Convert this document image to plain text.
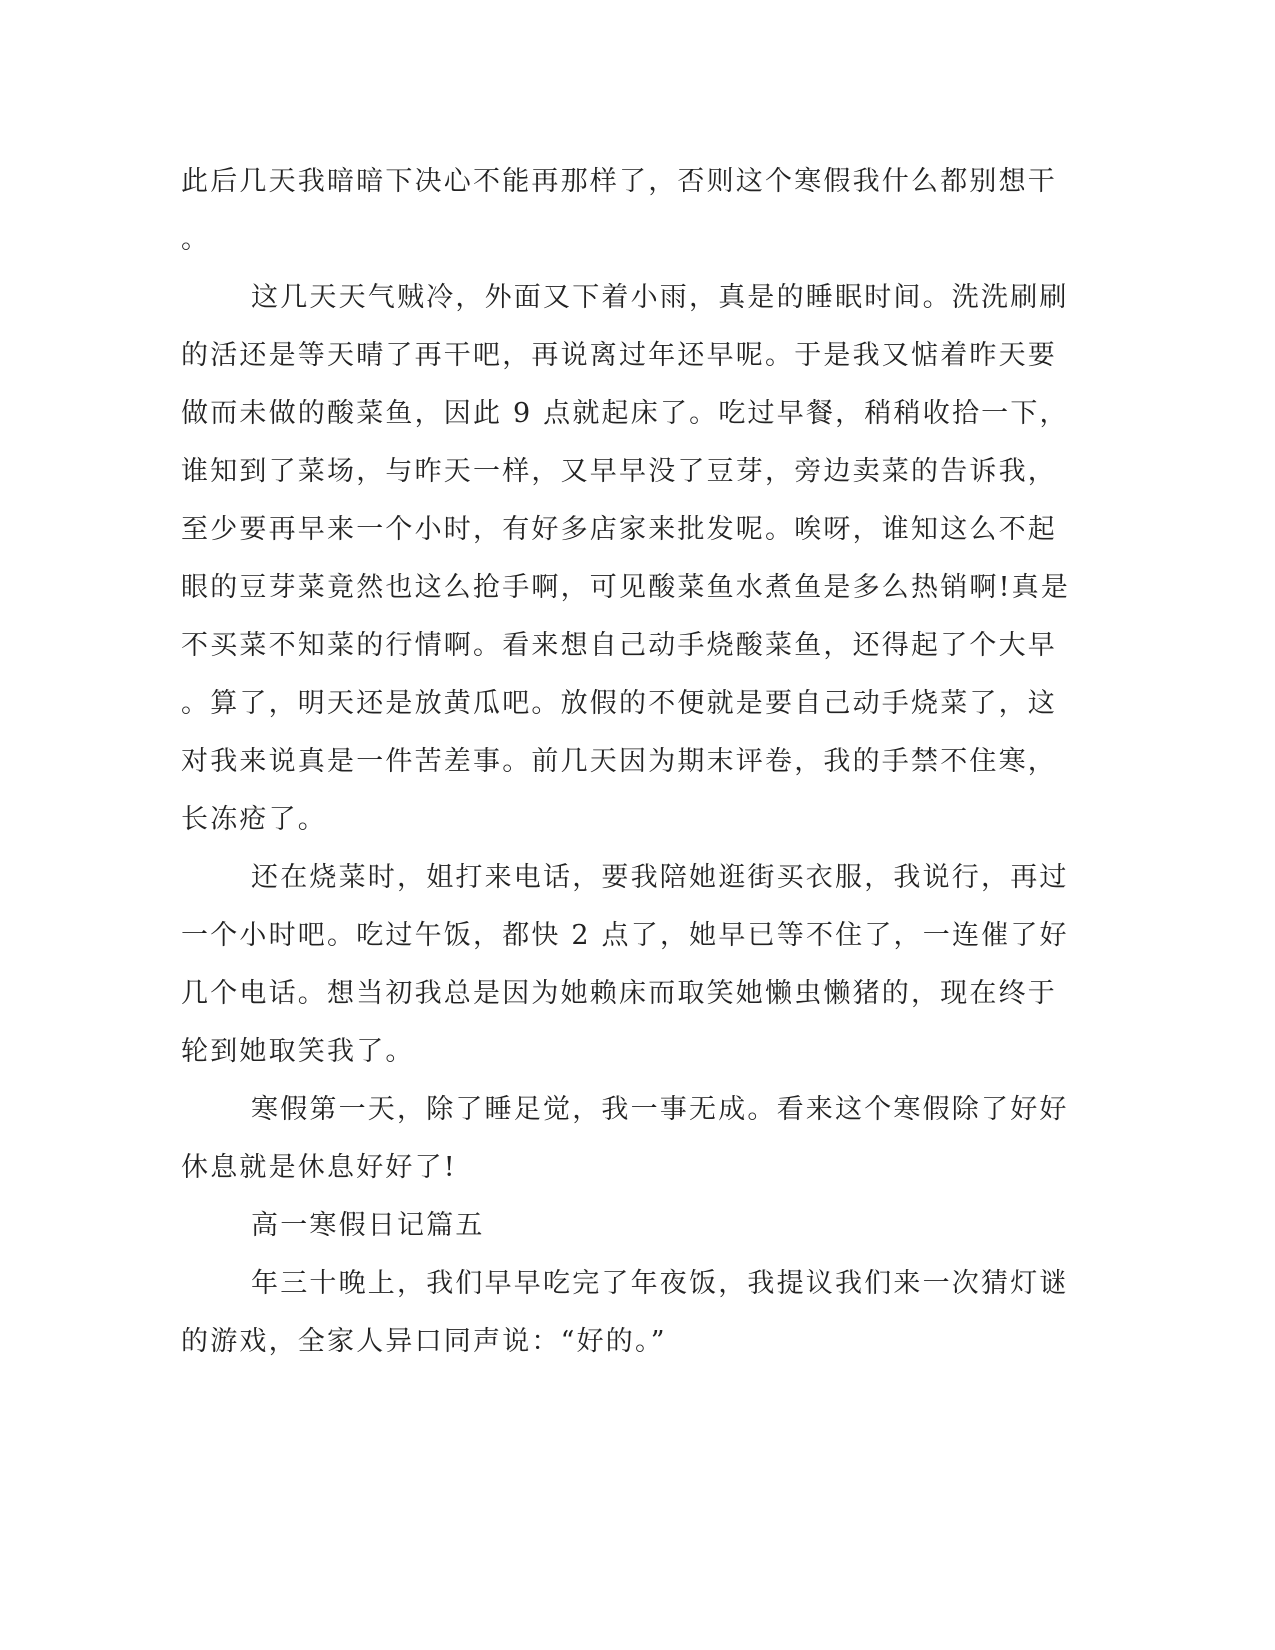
此后几天我暗暗下决心不能再那样了，否则这个寒假我什么都别想干
。
这几天天气贼冷，外面又下着小雨，真是的睡眠时间。洗洗刷刷
的活还是等天晴了再干吧，再说离过年还早呢。于是我又惦着昨天要
做而未做的酸菜鱼，因此 9 点就起床了。吃过早餐，稍稍收拾一下，
谁知到了菜场，与昨天一样，又早早没了豆芽，旁边卖菜的告诉我，
至少要再早来一个小时，有好多店家来批发呢。唉呀，谁知这么不起
眼的豆芽菜竟然也这么抢手啊，可见酸菜鱼水煮鱼是多么热销啊!真是
不买菜不知菜的行情啊。看来想自己动手烧酸菜鱼，还得起了个大早
。算了，明天还是放黄瓜吧。放假的不便就是要自己动手烧菜了，这
对我来说真是一件苦差事。前几天因为期末评卷，我的手禁不住寒，
长冻疮了。
还在烧菜时，姐打来电话，要我陪她逛街买衣服，我说行，再过
一个小时吧。吃过午饭，都快 2 点了，她早已等不住了，一连催了好
几个电话。想当初我总是因为她赖床而取笑她懒虫懒猪的，现在终于
轮到她取笑我了。
寒假第一天，除了睡足觉，我一事无成。看来这个寒假除了好好
休息就是休息好好了!
高一寒假日记篇五
年三十晚上，我们早早吃完了年夜饭，我提议我们来一次猜灯谜
的游戏，全家人异口同声说：“好的。”
